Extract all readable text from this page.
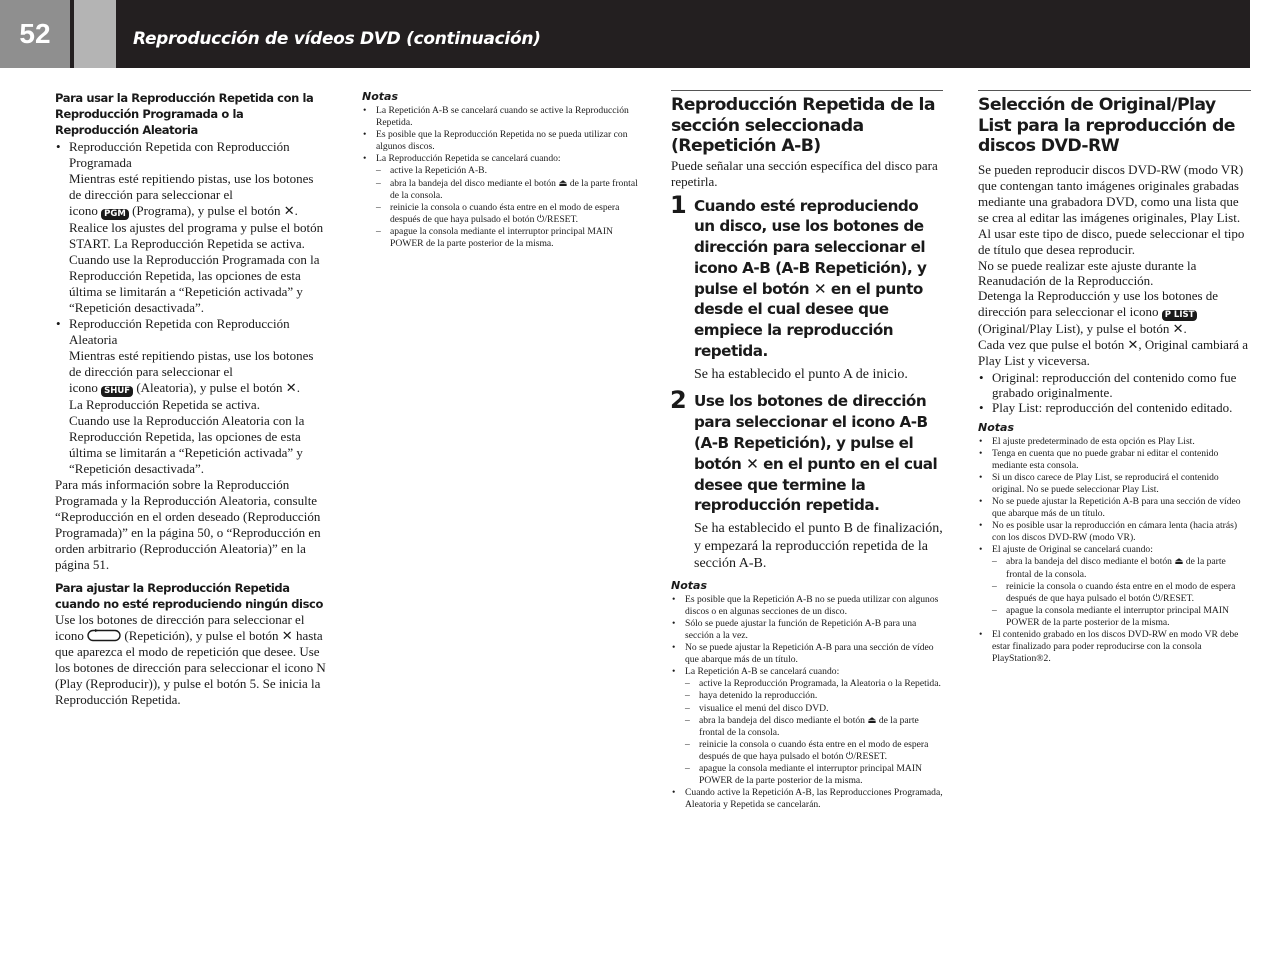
52	Reproducción de vídeos DVD (continuación)

Para usar la Reproducción Repetida con la Reproducción Programada o la Reproducción Aleatoria

• Reproducción Repetida con Reproducción Programada
Mientras esté repitiendo pistas, use los botones de dirección para seleccionar el
icono PGM (Programa), y pulse el botón ✕.
Realice los ajustes del programa y pulse el botón START. La Reproducción Repetida se activa.
Cuando use la Reproducción Programada con la Reproducción Repetida, las opciones de esta última se limitarán a “Repetición activada” y “Repetición desactivada”.
• Reproducción Repetida con Reproducción Aleatoria
Mientras esté repitiendo pistas, use los botones de dirección para seleccionar el
icono SHUF (Aleatoria), y pulse el botón ✕.
La Reproducción Repetida se activa.
Cuando use la Reproducción Aleatoria con la Reproducción Repetida, las opciones de esta última se limitarán a “Repetición activada” y “Repetición desactivada”.

Para más información sobre la Reproducción Programada y la Reproducción Aleatoria, consulte “Reproducción en el orden deseado (Reproducción Programada)” en la página 50, o “Reproducción en orden arbitrario (Reproducción Aleatoria)” en la página 51.

Para ajustar la Reproducción Repetida cuando no esté reproduciendo ningún disco

Use los botones de dirección para seleccionar el icono	(Repetición), y pulse el botón ✕ hasta que aparezca el modo de repetición que desee. Use los botones de dirección para seleccionar el icono N (Play (Reproducir)), y pulse el botón 5. Se inicia la Reproducción Repetida.

Notas

• La Repetición A-B se cancelará cuando se active la Reproducción Repetida.
• Es posible que la Reproducción Repetida no se pueda utilizar con algunos discos.
• La Reproducción Repetida se cancelará cuando:
– active la Repetición A-B.
– abra la bandeja del disco mediante el botón ⏏ de la parte frontal de la consola.
– reinicie la consola o cuando ésta entre en el modo de espera después de que haya pulsado el botón ⏻/RESET.
– apague la consola mediante el interruptor principal MAIN POWER de la parte posterior de la misma.

Reproducción Repetida de la sección seleccionada (Repetición A-B)

Puede señalar una sección específica del disco para repetirla.

1 Cuando esté reproduciendo un disco, use los botones de dirección para seleccionar el icono A-B (A-B Repetición), y pulse el botón ✕ en el punto desde el cual desee que empiece la reproducción repetida.

Se ha establecido el punto A de inicio.

2 Use los botones de dirección para seleccionar el icono A-B (A-B Repetición), y pulse el botón ✕ en el punto en el cual desee que termine la reproducción repetida.

Se ha establecido el punto B de finalización, y empezará la reproducción repetida de la sección A-B.

Notas

• Es posible que la Repetición A-B no se pueda utilizar con algunos discos o en algunas secciones de un disco.
• Sólo se puede ajustar la función de Repetición A-B para una sección a la vez.
• No se puede ajustar la Repetición A-B para una sección de vídeo que abarque más de un título.
• La Repetición A-B se cancelará cuando:
– active la Reproducción Programada, la Aleatoria o la Repetida.
– haya detenido la reproducción.
– visualice el menú del disco DVD.
– abra la bandeja del disco mediante el botón ⏏ de la parte frontal de la consola.
– reinicie la consola o cuando ésta entre en el modo de espera después de que haya pulsado el botón ⏻/RESET.
– apague la consola mediante el interruptor principal MAIN POWER de la parte posterior de la misma.
• Cuando active la Repetición A-B, las Reproducciones Programada, Aleatoria y Repetida se cancelarán.

Selección de Original/Play List para la reproducción de discos DVD-RW

Se pueden reproducir discos DVD-RW (modo VR) que contengan tanto imágenes originales grabadas mediante una grabadora DVD, como una lista que se crea al editar las imágenes originales, Play List. Al usar este tipo de disco, puede seleccionar el tipo de título que desea reproducir.

No se puede realizar este ajuste durante la Reanudación de la Reproducción.

Detenga la Reproducción y use los botones de dirección para seleccionar el icono P LIST (Original/Play List), y pulse el botón ✕.

Cada vez que pulse el botón ✕, Original cambiará a Play List y viceversa.

• Original: reproducción del contenido como fue grabado originalmente.
• Play List: reproducción del contenido editado.

Notas

• El ajuste predeterminado de esta opción es Play List.
• Tenga en cuenta que no puede grabar ni editar el contenido mediante esta consola.
• Si un disco carece de Play List, se reproducirá el contenido original. No se puede seleccionar Play List.
• No se puede ajustar la Repetición A-B para una sección de vídeo que abarque más de un título.
• No es posible usar la reproducción en cámara lenta (hacia atrás) con los discos DVD-RW (modo VR).
• El ajuste de Original se cancelará cuando:
– abra la bandeja del disco mediante el botón ⏏ de la parte frontal de la consola.
– reinicie la consola o cuando ésta entre en el modo de espera después de que haya pulsado el botón ⏻/RESET.
– apague la consola mediante el interruptor principal MAIN POWER de la parte posterior de la misma.
• El contenido grabado en los discos DVD-RW en modo VR debe estar finalizado para poder reproducirse con la consola PlayStation®2.
